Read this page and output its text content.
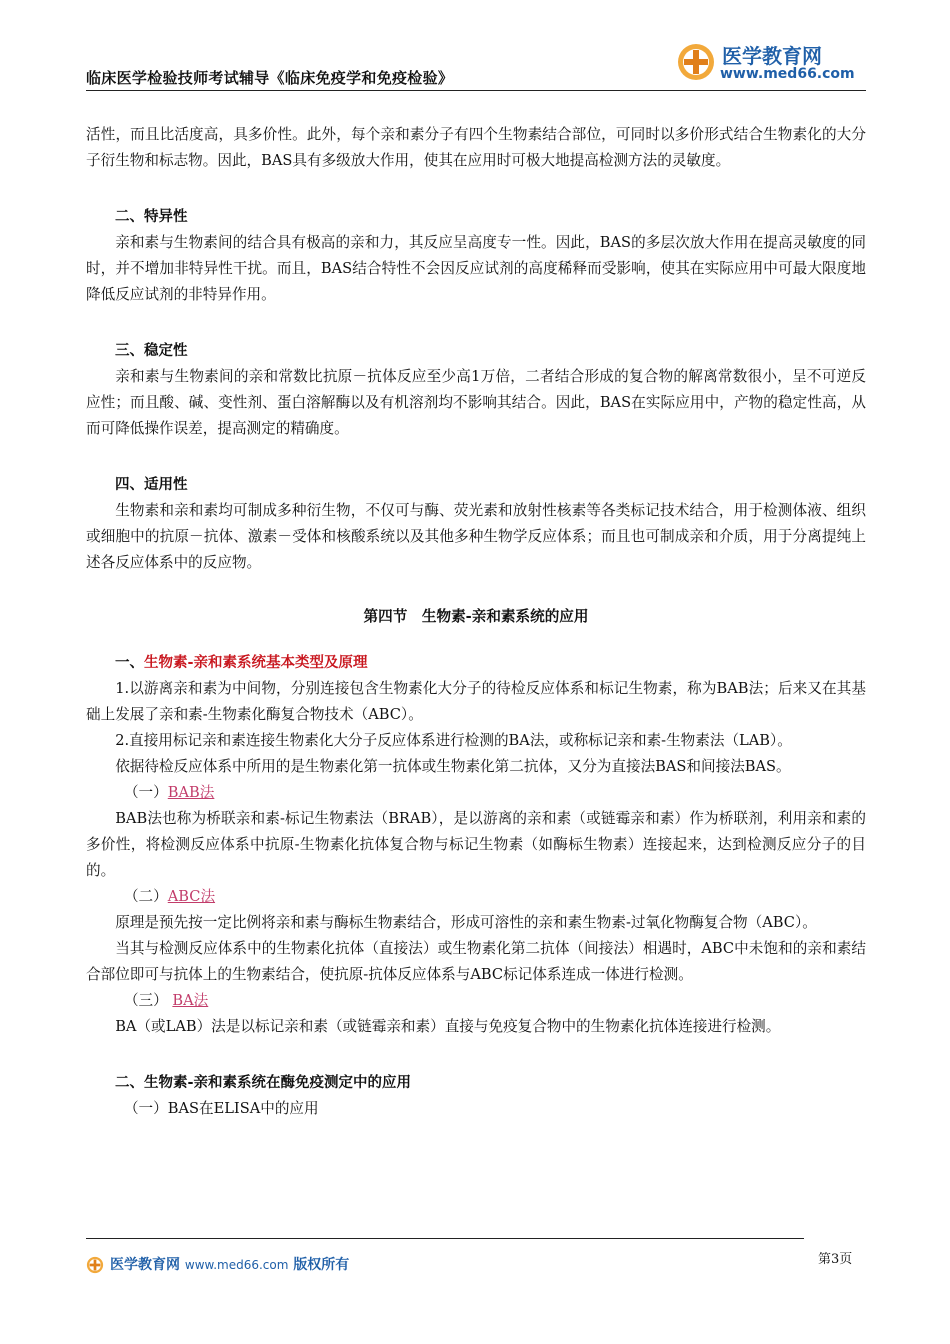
临床医学检验技师考试辅导《临床免疫学和免疫检验》
医学教育网
www.med66.com

活性，而且比活度高，具多价性。此外，每个亲和素分子有四个生物素结合部位，可同时以多价形式结合生物素化的大分子衍生物和标志物。因此，BAS具有多级放大作用，使其在应用时可极大地提高检测方法的灵敏度。

二、特异性

亲和素与生物素间的结合具有极高的亲和力，其反应呈高度专一性。因此，BAS的多层次放大作用在提高灵敏度的同时，并不增加非特异性干扰。而且，BAS结合特性不会因反应试剂的高度稀释而受影响，使其在实际应用中可最大限度地降低反应试剂的非特异作用。

三、稳定性

亲和素与生物素间的亲和常数比抗原－抗体反应至少高1万倍，二者结合形成的复合物的解离常数很小，呈不可逆反应性；而且酸、碱、变性剂、蛋白溶解酶以及有机溶剂均不影响其结合。因此，BAS在实际应用中，产物的稳定性高，从而可降低操作误差，提高测定的精确度。

四、适用性

生物素和亲和素均可制成多种衍生物，不仅可与酶、荧光素和放射性核素等各类标记技术结合，用于检测体液、组织或细胞中的抗原－抗体、激素－受体和核酸系统以及其他多种生物学反应体系；而且也可制成亲和介质，用于分离提纯上述各反应体系中的反应物。

第四节　生物素-亲和素系统的应用

一、生物素-亲和素系统基本类型及原理

1.以游离亲和素为中间物，分别连接包含生物素化大分子的待检反应体系和标记生物素，称为BAB法；后来又在其基础上发展了亲和素-生物素化酶复合物技术（ABC）。

2.直接用标记亲和素连接生物素化大分子反应体系进行检测的BA法，或称标记亲和素-生物素法（LAB）。

依据待检反应体系中所用的是生物素化第一抗体或生物素化第二抗体，又分为直接法BAS和间接法BAS。

（一）BAB法

BAB法也称为桥联亲和素-标记生物素法（BRAB），是以游离的亲和素（或链霉亲和素）作为桥联剂，利用亲和素的多价性，将检测反应体系中抗原-生物素化抗体复合物与标记生物素（如酶标生物素）连接起来，达到检测反应分子的目的。

（二）ABC法

原理是预先按一定比例将亲和素与酶标生物素结合，形成可溶性的亲和素生物素-过氧化物酶复合物（ABC）。

当其与检测反应体系中的生物素化抗体（直接法）或生物素化第二抗体（间接法）相遇时，ABC中未饱和的亲和素结合部位即可与抗体上的生物素结合，使抗原-抗体反应体系与ABC标记体系连成一体进行检测。

（三） BA法

BA（或LAB）法是以标记亲和素（或链霉亲和素）直接与免疫复合物中的生物素化抗体连接进行检测。

二、生物素-亲和素系统在酶免疫测定中的应用

（一）BAS在ELISA中的应用

医学教育网 www.med66.com 版权所有	第3页
